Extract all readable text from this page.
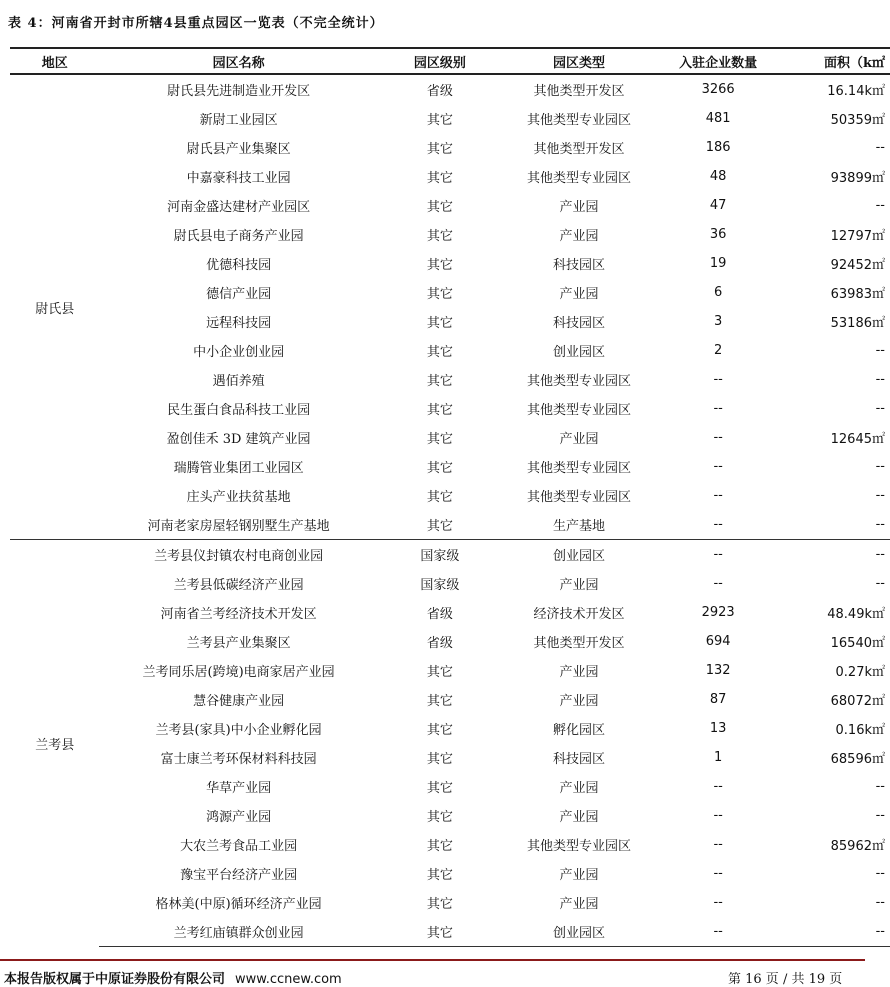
表 4：河南省开封市所辖4县重点园区一览表（不完全统计）
地区	园区名称	园区级别	园区类型	入驻企业数量	面积（k㎡
尉氏县	尉氏县先进制造业开发区	省级	其他类型开发区	3266	16.14k㎡
	新尉工业园区	其它	其他类型专业园区	481	50359㎡
	尉氏县产业集聚区	其它	其他类型开发区	186	--
	中嘉豪科技工业园	其它	其他类型专业园区	48	93899㎡
	河南金盛达建材产业园区	其它	产业园	47	--
	尉氏县电子商务产业园	其它	产业园	36	12797㎡
	优德科技园	其它	科技园区	19	92452㎡
	德信产业园	其它	产业园	6	63983㎡
	远程科技园	其它	科技园区	3	53186㎡
	中小企业创业园	其它	创业园区	2	--
	遇佰养殖	其它	其他类型专业园区	--	--
	民生蛋白食品科技工业园	其它	其他类型专业园区	--	--
	盈创佳禾 3D 建筑产业园	其它	产业园	--	12645㎡
	瑞腾管业集团工业园区	其它	其他类型专业园区	--	--
	庄头产业扶贫基地	其它	其他类型专业园区	--	--
	河南老家房屋轻钢别墅生产基地	其它	生产基地	--	--
兰考县	兰考县仪封镇农村电商创业园	国家级	创业园区	--	--
	兰考县低碳经济产业园	国家级	产业园	--	--
	河南省兰考经济技术开发区	省级	经济技术开发区	2923	48.49k㎡
	兰考县产业集聚区	省级	其他类型开发区	694	16540㎡
	兰考同乐居(跨境)电商家居产业园	其它	产业园	132	0.27k㎡
	慧谷健康产业园	其它	产业园	87	68072㎡
	兰考县(家具)中小企业孵化园	其它	孵化园区	13	0.16k㎡
	富士康兰考环保材料科技园	其它	科技园区	1	68596㎡
	华草产业园	其它	产业园	--	--
	鸿源产业园	其它	产业园	--	--
	大农兰考食品工业园	其它	其他类型专业园区	--	85962㎡
	豫宝平台经济产业园	其它	产业园	--	--
	格林美(中原)循环经济产业园	其它	产业园	--	--
	兰考红庙镇群众创业园	其它	创业园区	--	--
本报告版权属于中原证券股份有限公司 www.ccnew.com	第 16 页 / 共 19 页
